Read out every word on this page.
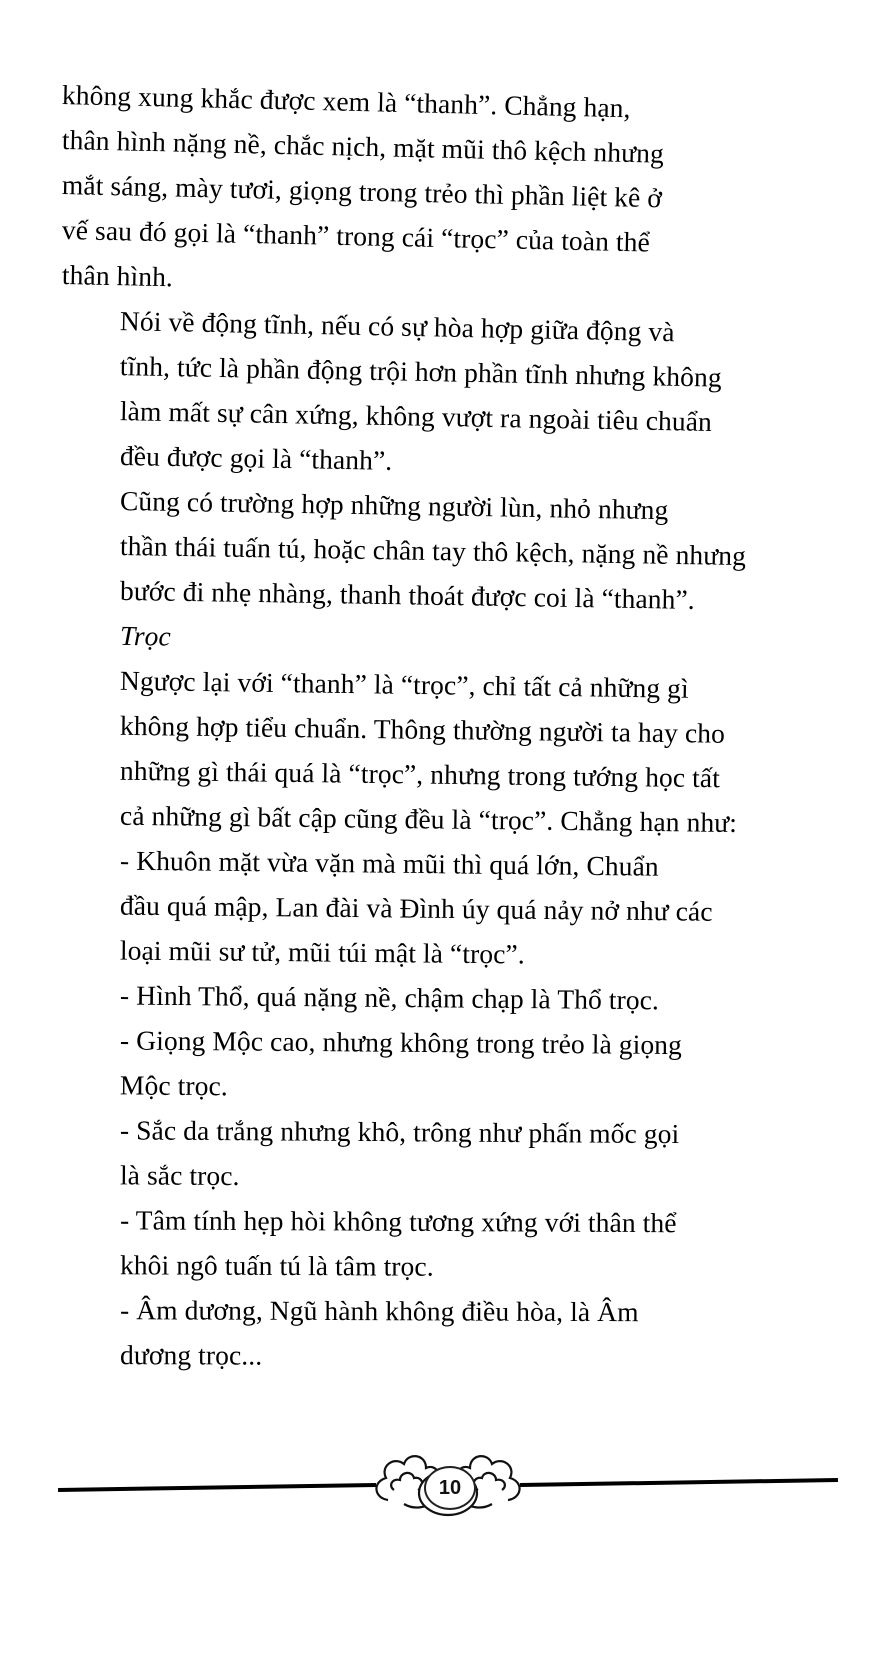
không xung khắc được xem là “thanh”. Chẳng hạn,
thân hình nặng nề, chắc nịch, mặt mũi thô kệch nhưng
mắt sáng, mày tươi, giọng trong trẻo thì phần liệt kê ở
vế sau đó gọi là “thanh” trong cái “trọc” của toàn thể
thân hình.

Nói về động tĩnh, nếu có sự hòa hợp giữa động và
tĩnh, tức là phần động trội hơn phần tĩnh nhưng không
làm mất sự cân xứng, không vượt ra ngoài tiêu chuẩn
đều được gọi là “thanh”.

Cũng có trường hợp những người lùn, nhỏ nhưng
thần thái tuấn tú, hoặc chân tay thô kệch, nặng nề nhưng
bước đi nhẹ nhàng, thanh thoát được coi là “thanh”.

Trọc

Ngược lại với “thanh” là “trọc”, chỉ tất cả những gì
không hợp tiểu chuẩn. Thông thường người ta hay cho
những gì thái quá là “trọc”, nhưng trong tướng học tất
cả những gì bất cập cũng đều là “trọc”. Chẳng hạn như:

- Khuôn mặt vừa vặn mà mũi thì quá lớn, Chuẩn
đầu quá mập, Lan đài và Đình úy quá nảy nở như các
loại mũi sư tử, mũi túi mật là “trọc”.

- Hình Thổ, quá nặng nề, chậm chạp là Thổ trọc.

- Giọng Mộc cao, nhưng không trong trẻo là giọng
Mộc trọc.

- Sắc da trắng nhưng khô, trông như phấn mốc gọi
là sắc trọc.

- Tâm tính hẹp hòi không tương xứng với thân thể
khôi ngô tuấn tú là tâm trọc.

- Âm dương, Ngũ hành không điều hòa, là Âm
dương trọc...

10
